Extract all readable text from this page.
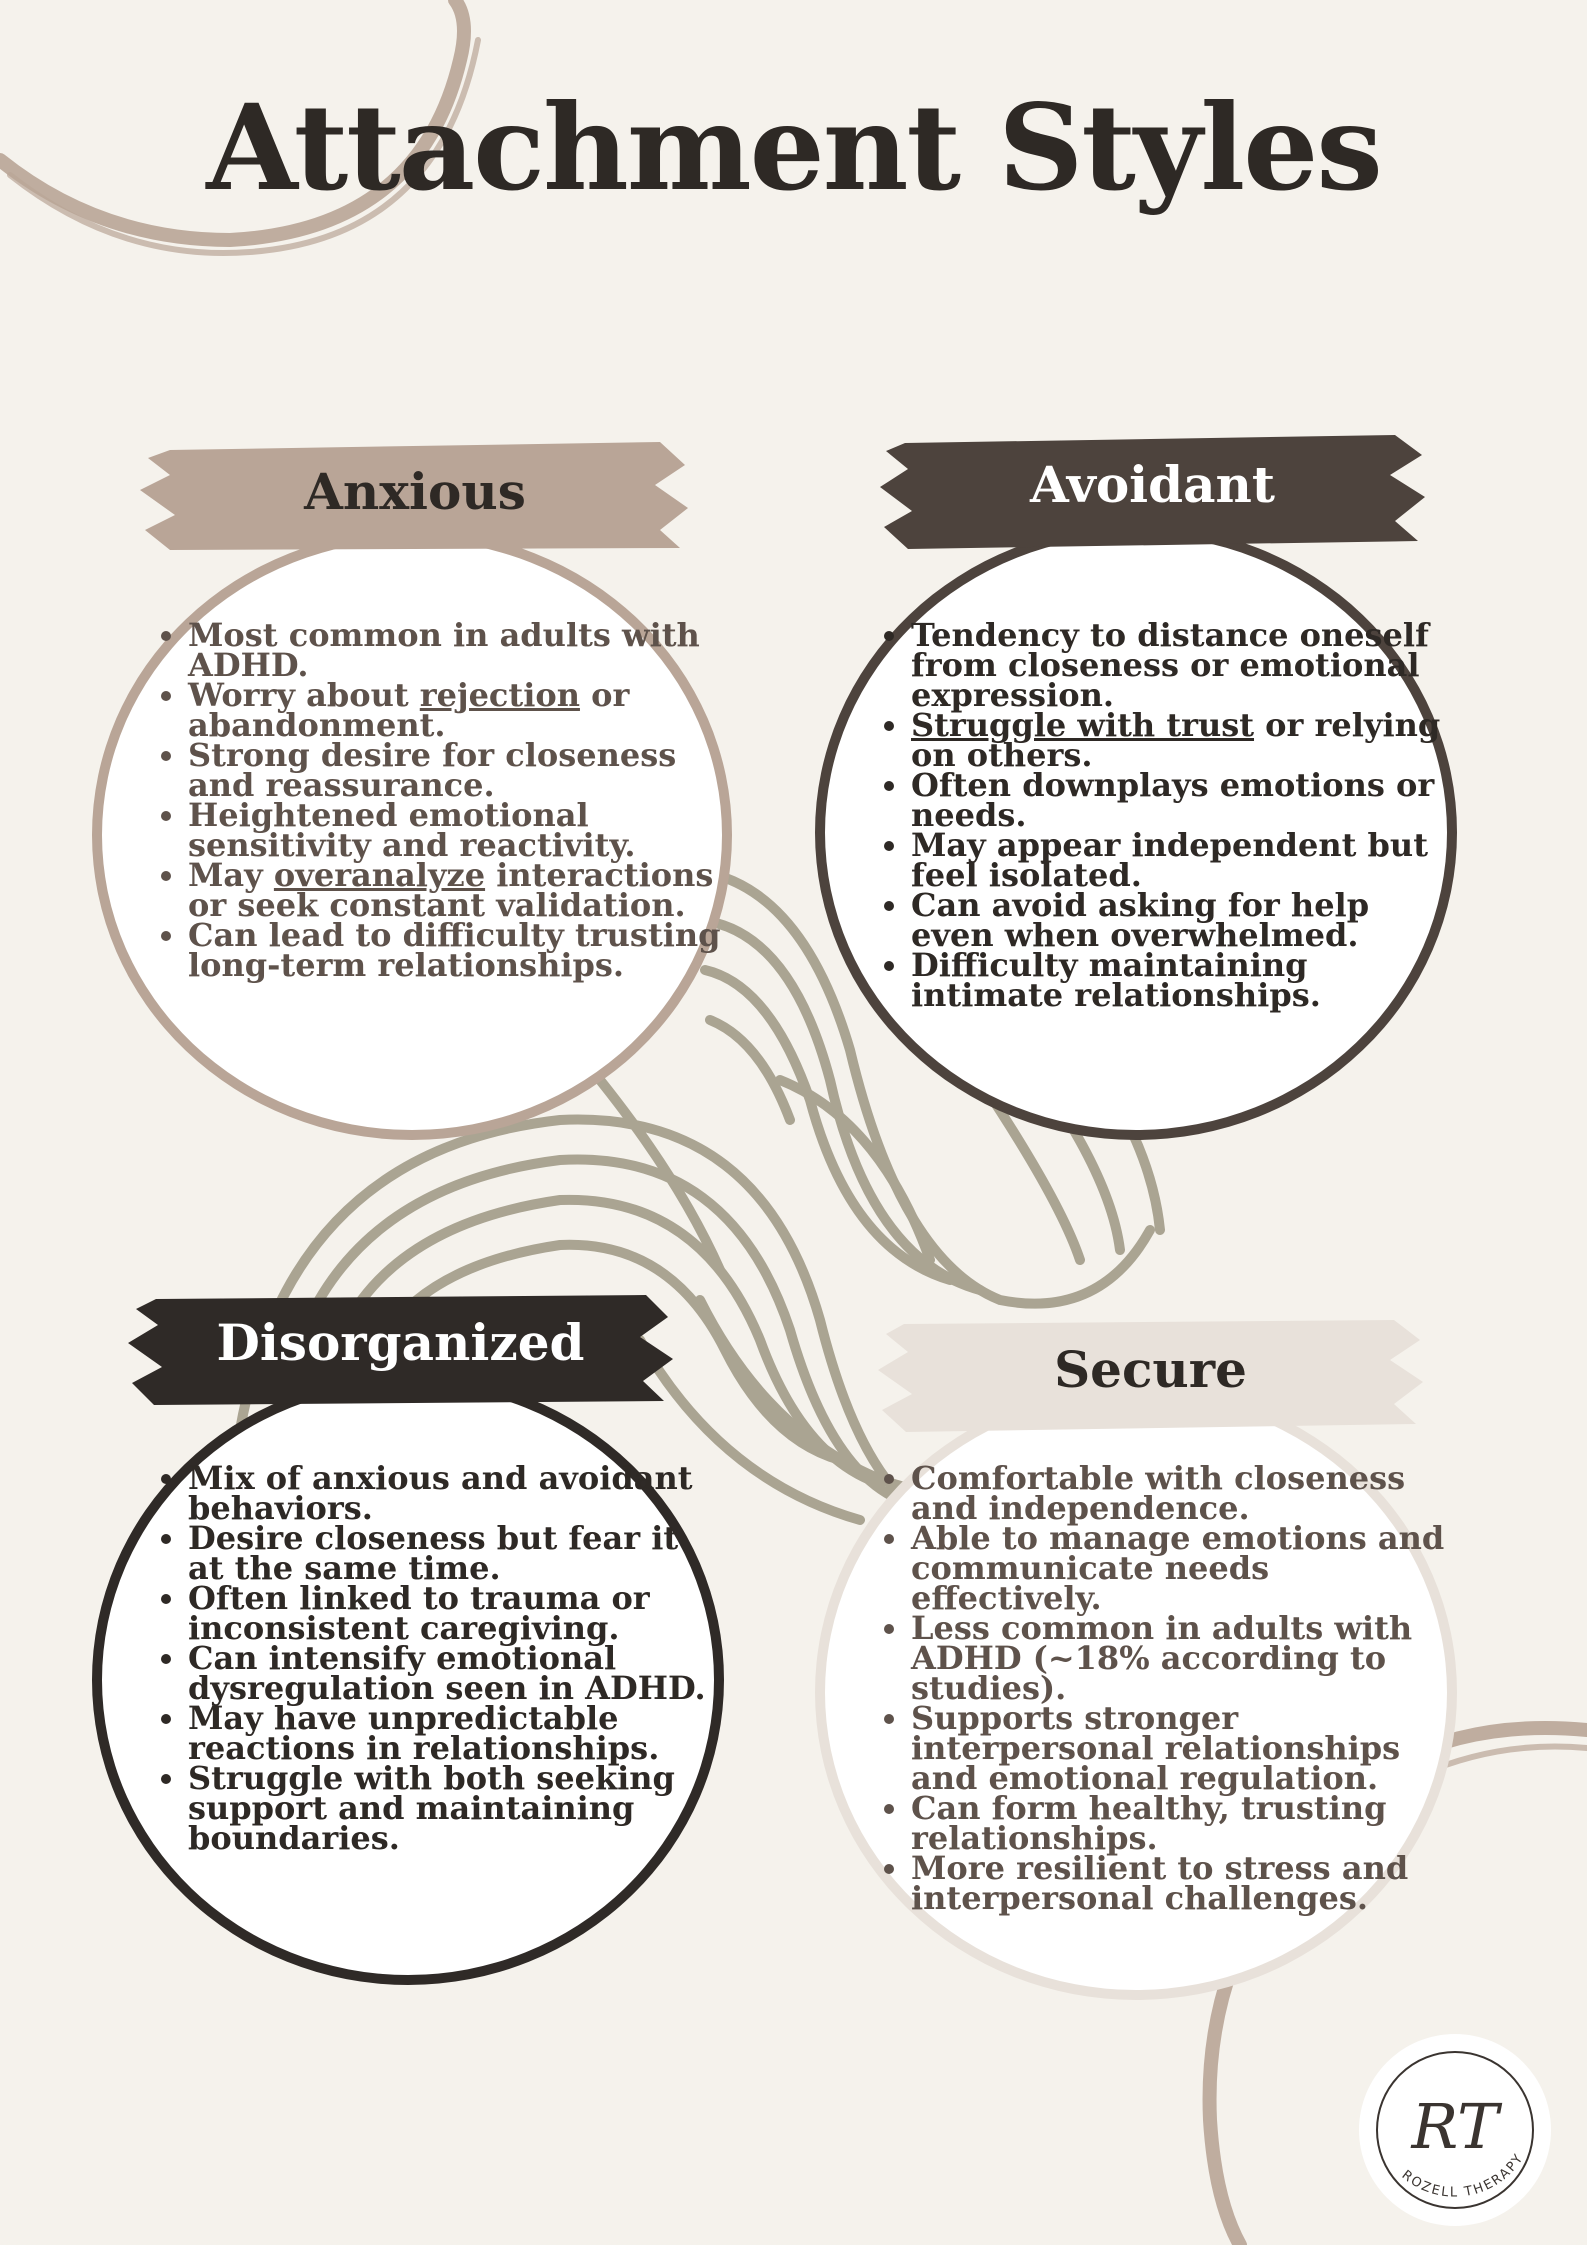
Attachment Styles
Anxious
• Most common in adults with ADHD.
• Worry about rejection or abandonment.
• Strong desire for closeness and reassurance.
• Heightened emotional sensitivity and reactivity.
• May overanalyze interactions or seek constant validation.
• Can lead to difficulty trusting long-term relationships.
Avoidant
• Tendency to distance oneself from closeness or emotional expression.
• Struggle with trust or relying on others.
• Often downplays emotions or needs.
• May appear independent but feel isolated.
• Can avoid asking for help even when overwhelmed.
• Difficulty maintaining intimate relationships.
Disorganized
• Mix of anxious and avoidant behaviors.
• Desire closeness but fear it at the same time.
• Often linked to trauma or inconsistent caregiving.
• Can intensify emotional dysregulation seen in ADHD.
• May have unpredictable reactions in relationships.
• Struggle with both seeking support and maintaining boundaries.
Secure
• Comfortable with closeness and independence.
• Able to manage emotions and communicate needs effectively.
• Less common in adults with ADHD (~18% according to studies).
• Supports stronger interpersonal relationships and emotional regulation.
• Can form healthy, trusting relationships.
• More resilient to stress and interpersonal challenges.
ROZELL THERAPY
RT
